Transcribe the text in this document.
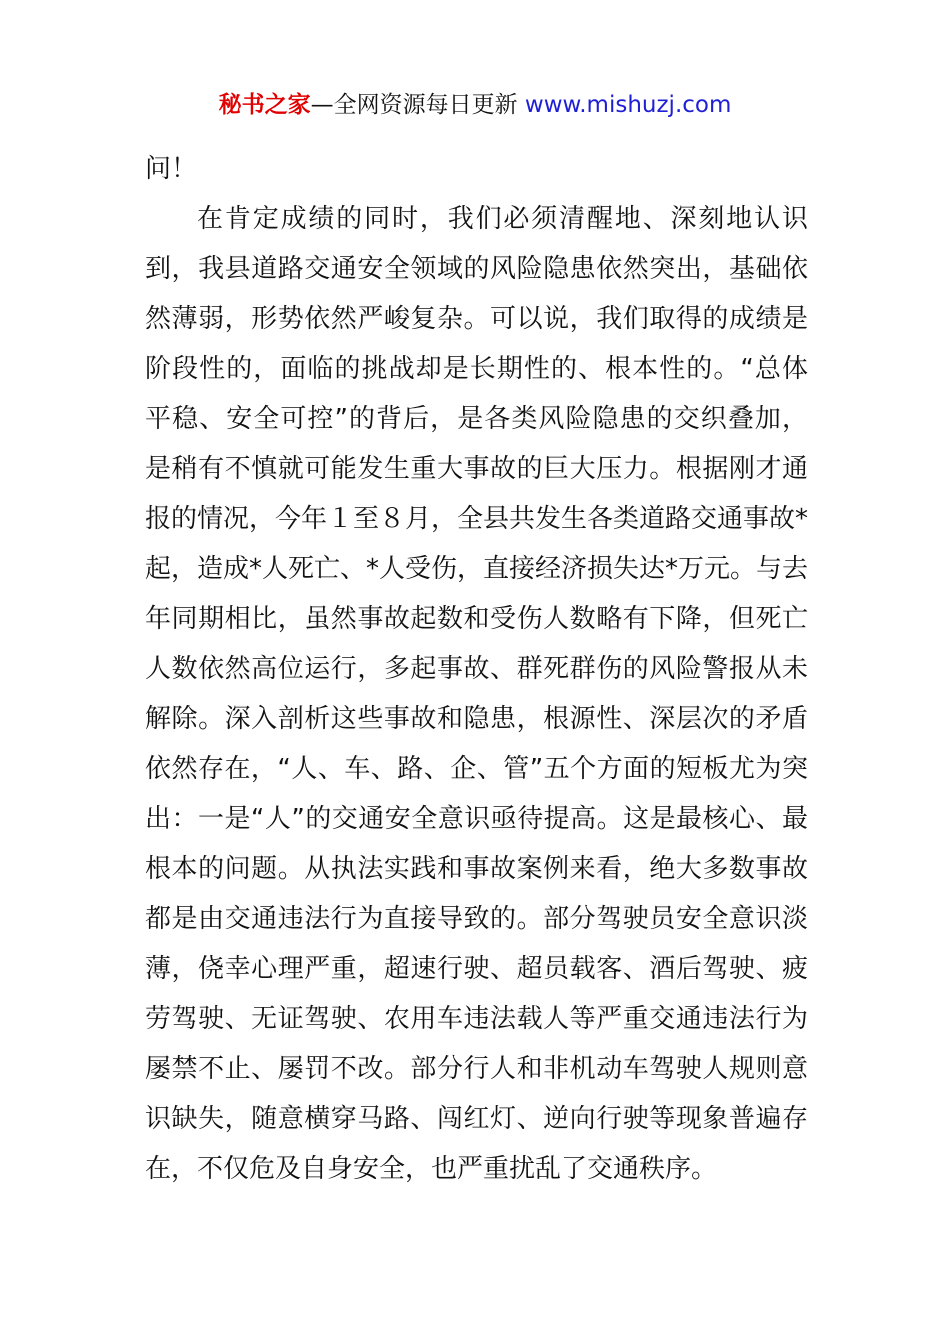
秘书之家—全网资源每日更新 www.mishuzj.com

问！

在肯定成绩的同时，我们必须清醒地、深刻地认识到，我县道路交通安全领域的风险隐患依然突出，基础依然薄弱，形势依然严峻复杂。可以说，我们取得的成绩是阶段性的，面临的挑战却是长期性的、根本性的。“总体平稳、安全可控”的背后，是各类风险隐患的交织叠加，是稍有不慎就可能发生重大事故的巨大压力。根据刚才通报的情况，今年１至８月，全县共发生各类道路交通事故*起，造成*人死亡、*人受伤，直接经济损失达*万元。与去年同期相比，虽然事故起数和受伤人数略有下降，但死亡人数依然高位运行，多起事故、群死群伤的风险警报从未解除。深入剖析这些事故和隐患，根源性、深层次的矛盾依然存在，“人、车、路、企、管”五个方面的短板尤为突出：一是“人”的交通安全意识亟待提高。这是最核心、最根本的问题。从执法实践和事故案例来看，绝大多数事故都是由交通违法行为直接导致的。部分驾驶员安全意识淡薄，侥幸心理严重，超速行驶、超员载客、酒后驾驶、疲劳驾驶、无证驾驶、农用车违法载人等严重交通违法行为屡禁不止、屡罚不改。部分行人和非机动车驾驶人规则意识缺失，随意横穿马路、闯红灯、逆向行驶等现象普遍存在，不仅危及自身安全，也严重扰乱了交通秩序。
